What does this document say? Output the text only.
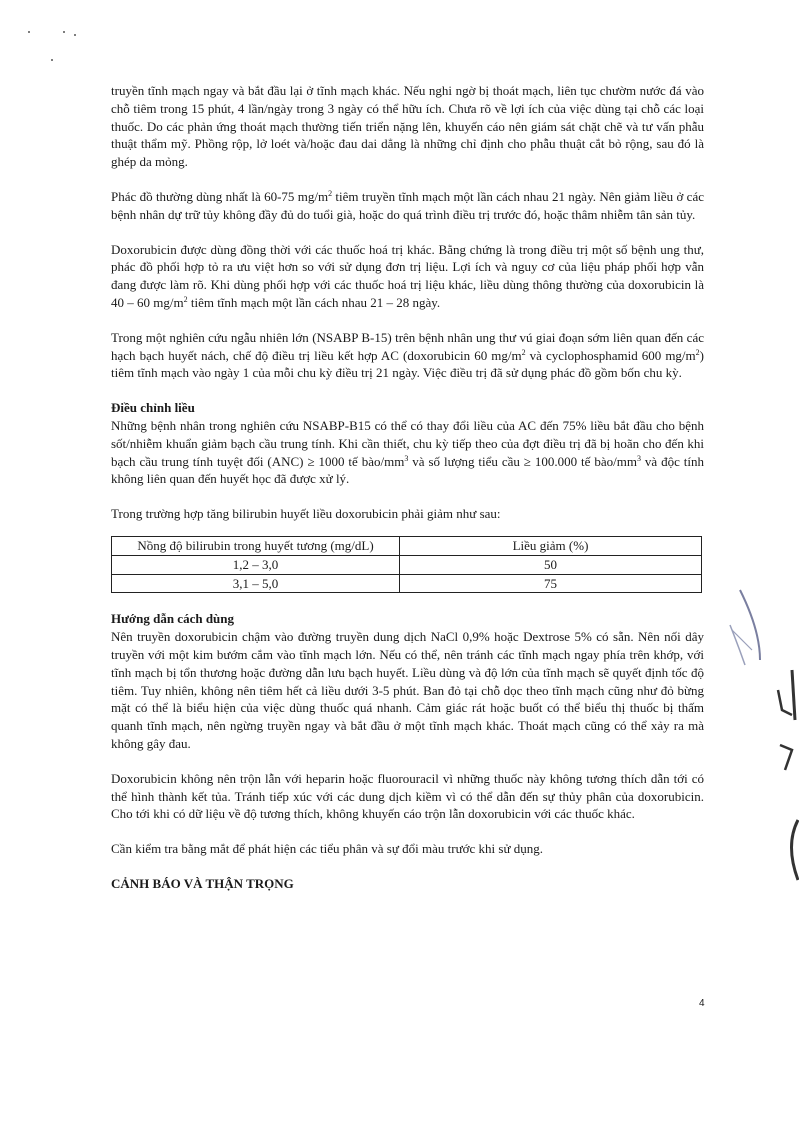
truyền tĩnh mạch ngay và bắt đầu lại ở tĩnh mạch khác. Nếu nghi ngờ bị thoát mạch, liên tục chườm nước đá vào chỗ tiêm trong 15 phút, 4 lần/ngày trong 3 ngày có thể hữu ích. Chưa rõ về lợi ích của việc dùng tại chỗ các loại thuốc. Do các phản ứng thoát mạch thường tiến triển nặng lên, khuyến cáo nên giám sát chặt chẽ và tư vấn phẫu thuật thẩm mỹ. Phồng rộp, lở loét và/hoặc đau dai dẳng là những chỉ định cho phẫu thuật cắt bỏ rộng, sau đó là ghép da mỏng.

Phác đồ thường dùng nhất là 60-75 $mg/m^2$ tiêm truyền tĩnh mạch một lần cách nhau 21 ngày. Nên giảm liều ở các bệnh nhân dự trữ tủy không đầy đủ do tuổi già, hoặc do quá trình điều trị trước đó, hoặc thâm nhiễm tân sản tủy.

Doxorubicin được dùng đồng thời với các thuốc hoá trị khác. Bằng chứng là trong điều trị một số bệnh ung thư, phác đồ phối hợp tỏ ra ưu việt hơn so với sử dụng đơn trị liệu. Lợi ích và nguy cơ của liệu pháp phối hợp vẫn đang được làm rõ. Khi dùng phối hợp với các thuốc hoá trị liệu khác, liều dùng thông thường của doxorubicin là 40 – 60 $mg/m^2$ tiêm tĩnh mạch một lần cách nhau 21 – 28 ngày.

Trong một nghiên cứu ngẫu nhiên lớn (NSABP B-15) trên bệnh nhân ung thư vú giai đoạn sớm liên quan đến các hạch bạch huyết nách, chế độ điều trị liều kết hợp AC (doxorubicin 60 $mg/m^2$ và cyclophosphamid 600 $mg/m^2$) tiêm tĩnh mạch vào ngày 1 của mỗi chu kỳ điều trị 21 ngày. Việc điều trị đã sử dụng phác đồ gồm bốn chu kỳ.

Điều chỉnh liều

Những bệnh nhân trong nghiên cứu NSABP-B15 có thể có thay đổi liều của AC đến 75% liều bắt đầu cho bệnh sốt/nhiễm khuẩn giảm bạch cầu trung tính. Khi cần thiết, chu kỳ tiếp theo của đợt điều trị đã bị hoãn cho đến khi bạch cầu trung tính tuyệt đối (ANC) ≥ 1000 tế bào/$mm^3$ và số lượng tiểu cầu ≥ 100.000 tế bào/$mm^3$ và độc tính không liên quan đến huyết học đã được xử lý.

Trong trường hợp tăng bilirubin huyết liều doxorubicin phải giảm như sau:

Nồng độ bilirubin trong huyết tương (mg/dL)	Liều giảm (%)
1,2 – 3,0	50
3,1 – 5,0	75
Hướng dẫn cách dùng

Nên truyền doxorubicin chậm vào đường truyền dung dịch NaCl 0,9% hoặc Dextrose 5% có sẵn. Nên nối dây truyền với một kim bướm cắm vào tĩnh mạch lớn. Nếu có thể, nên tránh các tĩnh mạch ngay phía trên khớp, với tĩnh mạch bị tổn thương hoặc đường dẫn lưu bạch huyết. Liều dùng và độ lớn của tĩnh mạch sẽ quyết định tốc độ tiêm. Tuy nhiên, không nên tiêm hết cả liều dưới 3-5 phút. Ban đỏ tại chỗ dọc theo tĩnh mạch cũng như đỏ bừng mặt có thể là biểu hiện của việc dùng thuốc quá nhanh. Cảm giác rát hoặc buốt có thể biểu thị thuốc bị thấm quanh tĩnh mạch, nên ngừng truyền ngay và bắt đầu ở một tĩnh mạch khác. Thoát mạch cũng có thể xảy ra mà không gây đau.

Doxorubicin không nên trộn lẫn với heparin hoặc fluorouracil vì những thuốc này không tương thích dẫn tới có thể hình thành kết tủa. Tránh tiếp xúc với các dung dịch kiềm vì có thể dẫn đến sự thủy phân của doxorubicin. Cho tới khi có dữ liệu về độ tương thích, không khuyến cáo trộn lẫn doxorubicin với các thuốc khác.

Cần kiểm tra bằng mắt để phát hiện các tiểu phân và sự đổi màu trước khi sử dụng.

CẢNH BÁO VÀ THẬN TRỌNG
4
